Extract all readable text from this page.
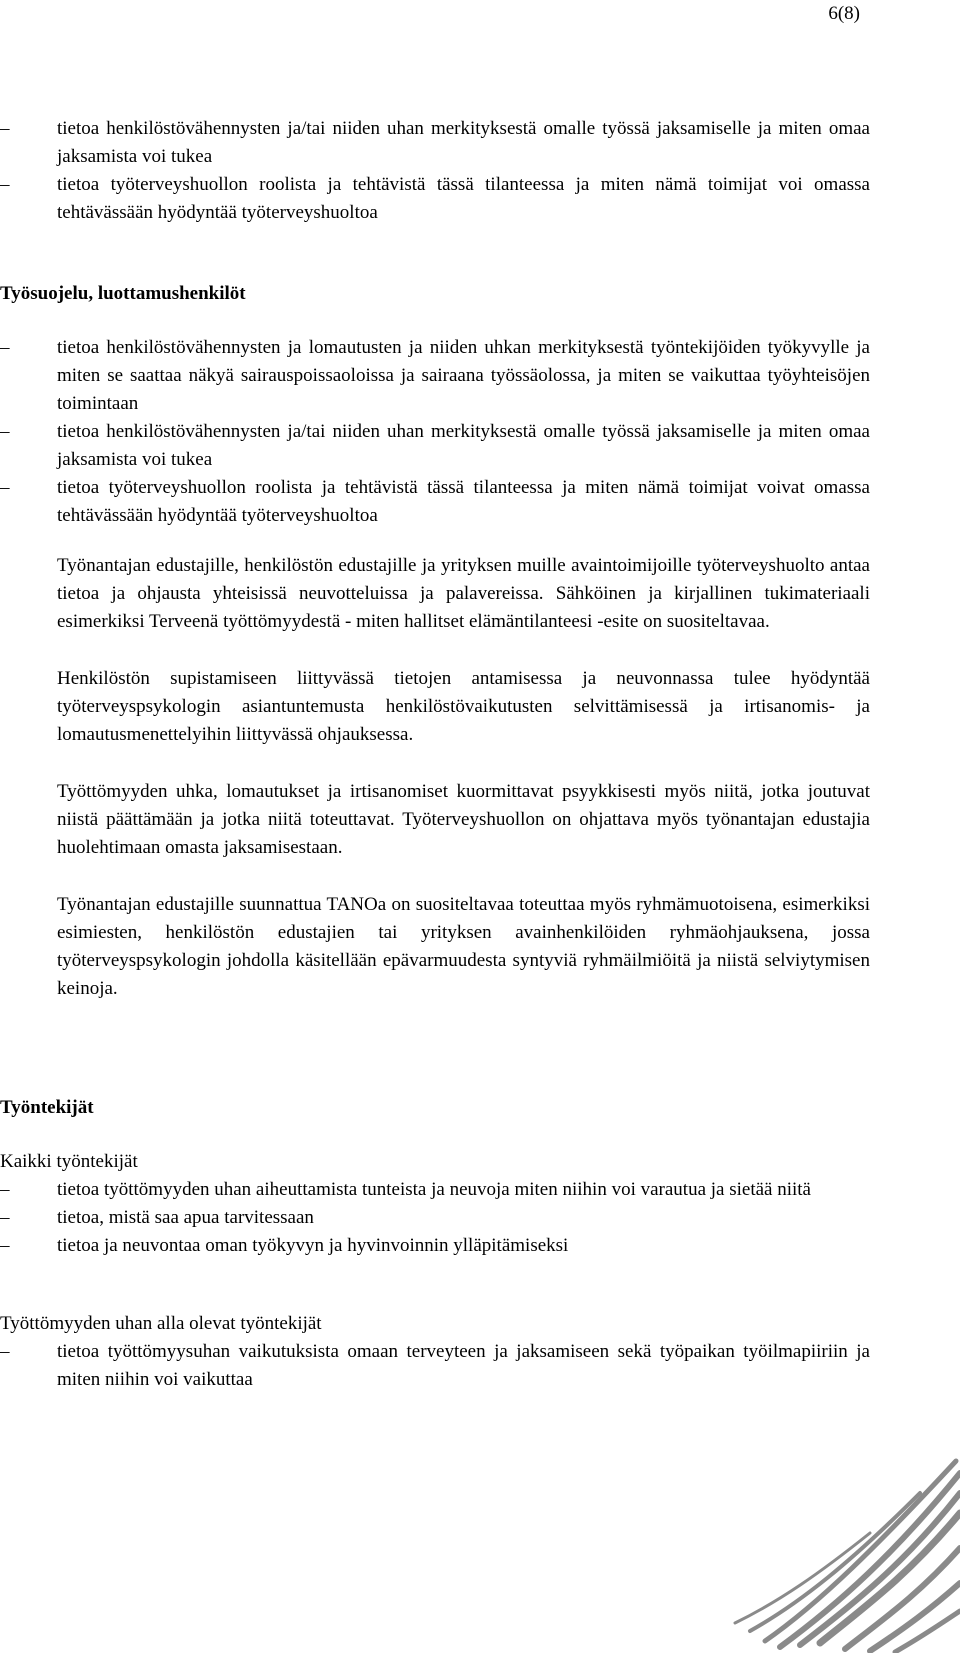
6(8)
– tietoa henkilöstövähennysten ja/tai niiden uhan merkityksestä omalle työssä jaksamiselle ja miten omaa jaksamista voi tukea
– tietoa työterveyshuollon roolista ja tehtävistä tässä tilanteessa ja miten nämä toimijat voi omassa tehtävässään hyödyntää työterveyshuoltoa
Työsuojelu, luottamushenkilöt
– tietoa henkilöstövähennysten ja lomautusten ja niiden uhkan merkityksestä työntekijöiden työkyvylle ja miten se saattaa näkyä sairauspoissaoloissa ja sairaana työssäolossa, ja miten se vaikuttaa työyhteisöjen toimintaan
– tietoa henkilöstövähennysten ja/tai niiden uhan merkityksestä omalle työssä jaksamiselle ja miten omaa jaksamista voi tukea
– tietoa työterveyshuollon roolista ja tehtävistä tässä tilanteessa ja miten nämä toimijat voivat omassa tehtävässään hyödyntää työterveyshuoltoa

Työnantajan edustajille, henkilöstön edustajille ja yrityksen muille avaintoimijoille työterveyshuolto antaa tietoa ja ohjausta yhteisissä neuvotteluissa ja palavereissa. Sähköinen ja kirjallinen tukimateriaali esimerkiksi Terveenä työttömyydestä - miten hallitset elämäntilanteesi -esite on suositeltavaa.

Henkilöstön supistamiseen liittyvässä tietojen antamisessa ja neuvonnassa tulee hyödyntää työterveyspsykologin asiantuntemusta henkilöstövaikutusten selvittämisessä ja irtisanomis- ja lomautusmenettelyihin liittyvässä ohjauksessa.

Työttömyyden uhka, lomautukset ja irtisanomiset kuormittavat psyykkisesti myös niitä, jotka joutuvat niistä päättämään ja jotka niitä toteuttavat. Työterveyshuollon on ohjattava myös työnantajan edustajia huolehtimaan omasta jaksamisestaan.

Työnantajan edustajille suunnattua TANOa on suositeltavaa toteuttaa myös ryhmämuotoisena, esimerkiksi esimiesten, henkilöstön edustajien tai yrityksen avainhenkilöiden ryhmäohjauksena, jossa työterveyspsykologin johdolla käsitellään epävarmuudesta syntyviä ryhmäilmiöitä ja niistä selviytymisen keinoja.

Työntekijät
Kaikki työntekijät
– tietoa työttömyyden uhan aiheuttamista tunteista ja neuvoja miten niihin voi varautua ja sietää niitä
– tietoa, mistä saa apua tarvitessaan
– tietoa ja neuvontaa oman työkyvyn ja hyvinvoinnin ylläpitämiseksi
Työttömyyden uhan alla olevat työntekijät
– tietoa työttömyysuhan vaikutuksista omaan terveyteen ja jaksamiseen sekä työpaikan työilmapiiriin ja miten niihin voi vaikuttaa
